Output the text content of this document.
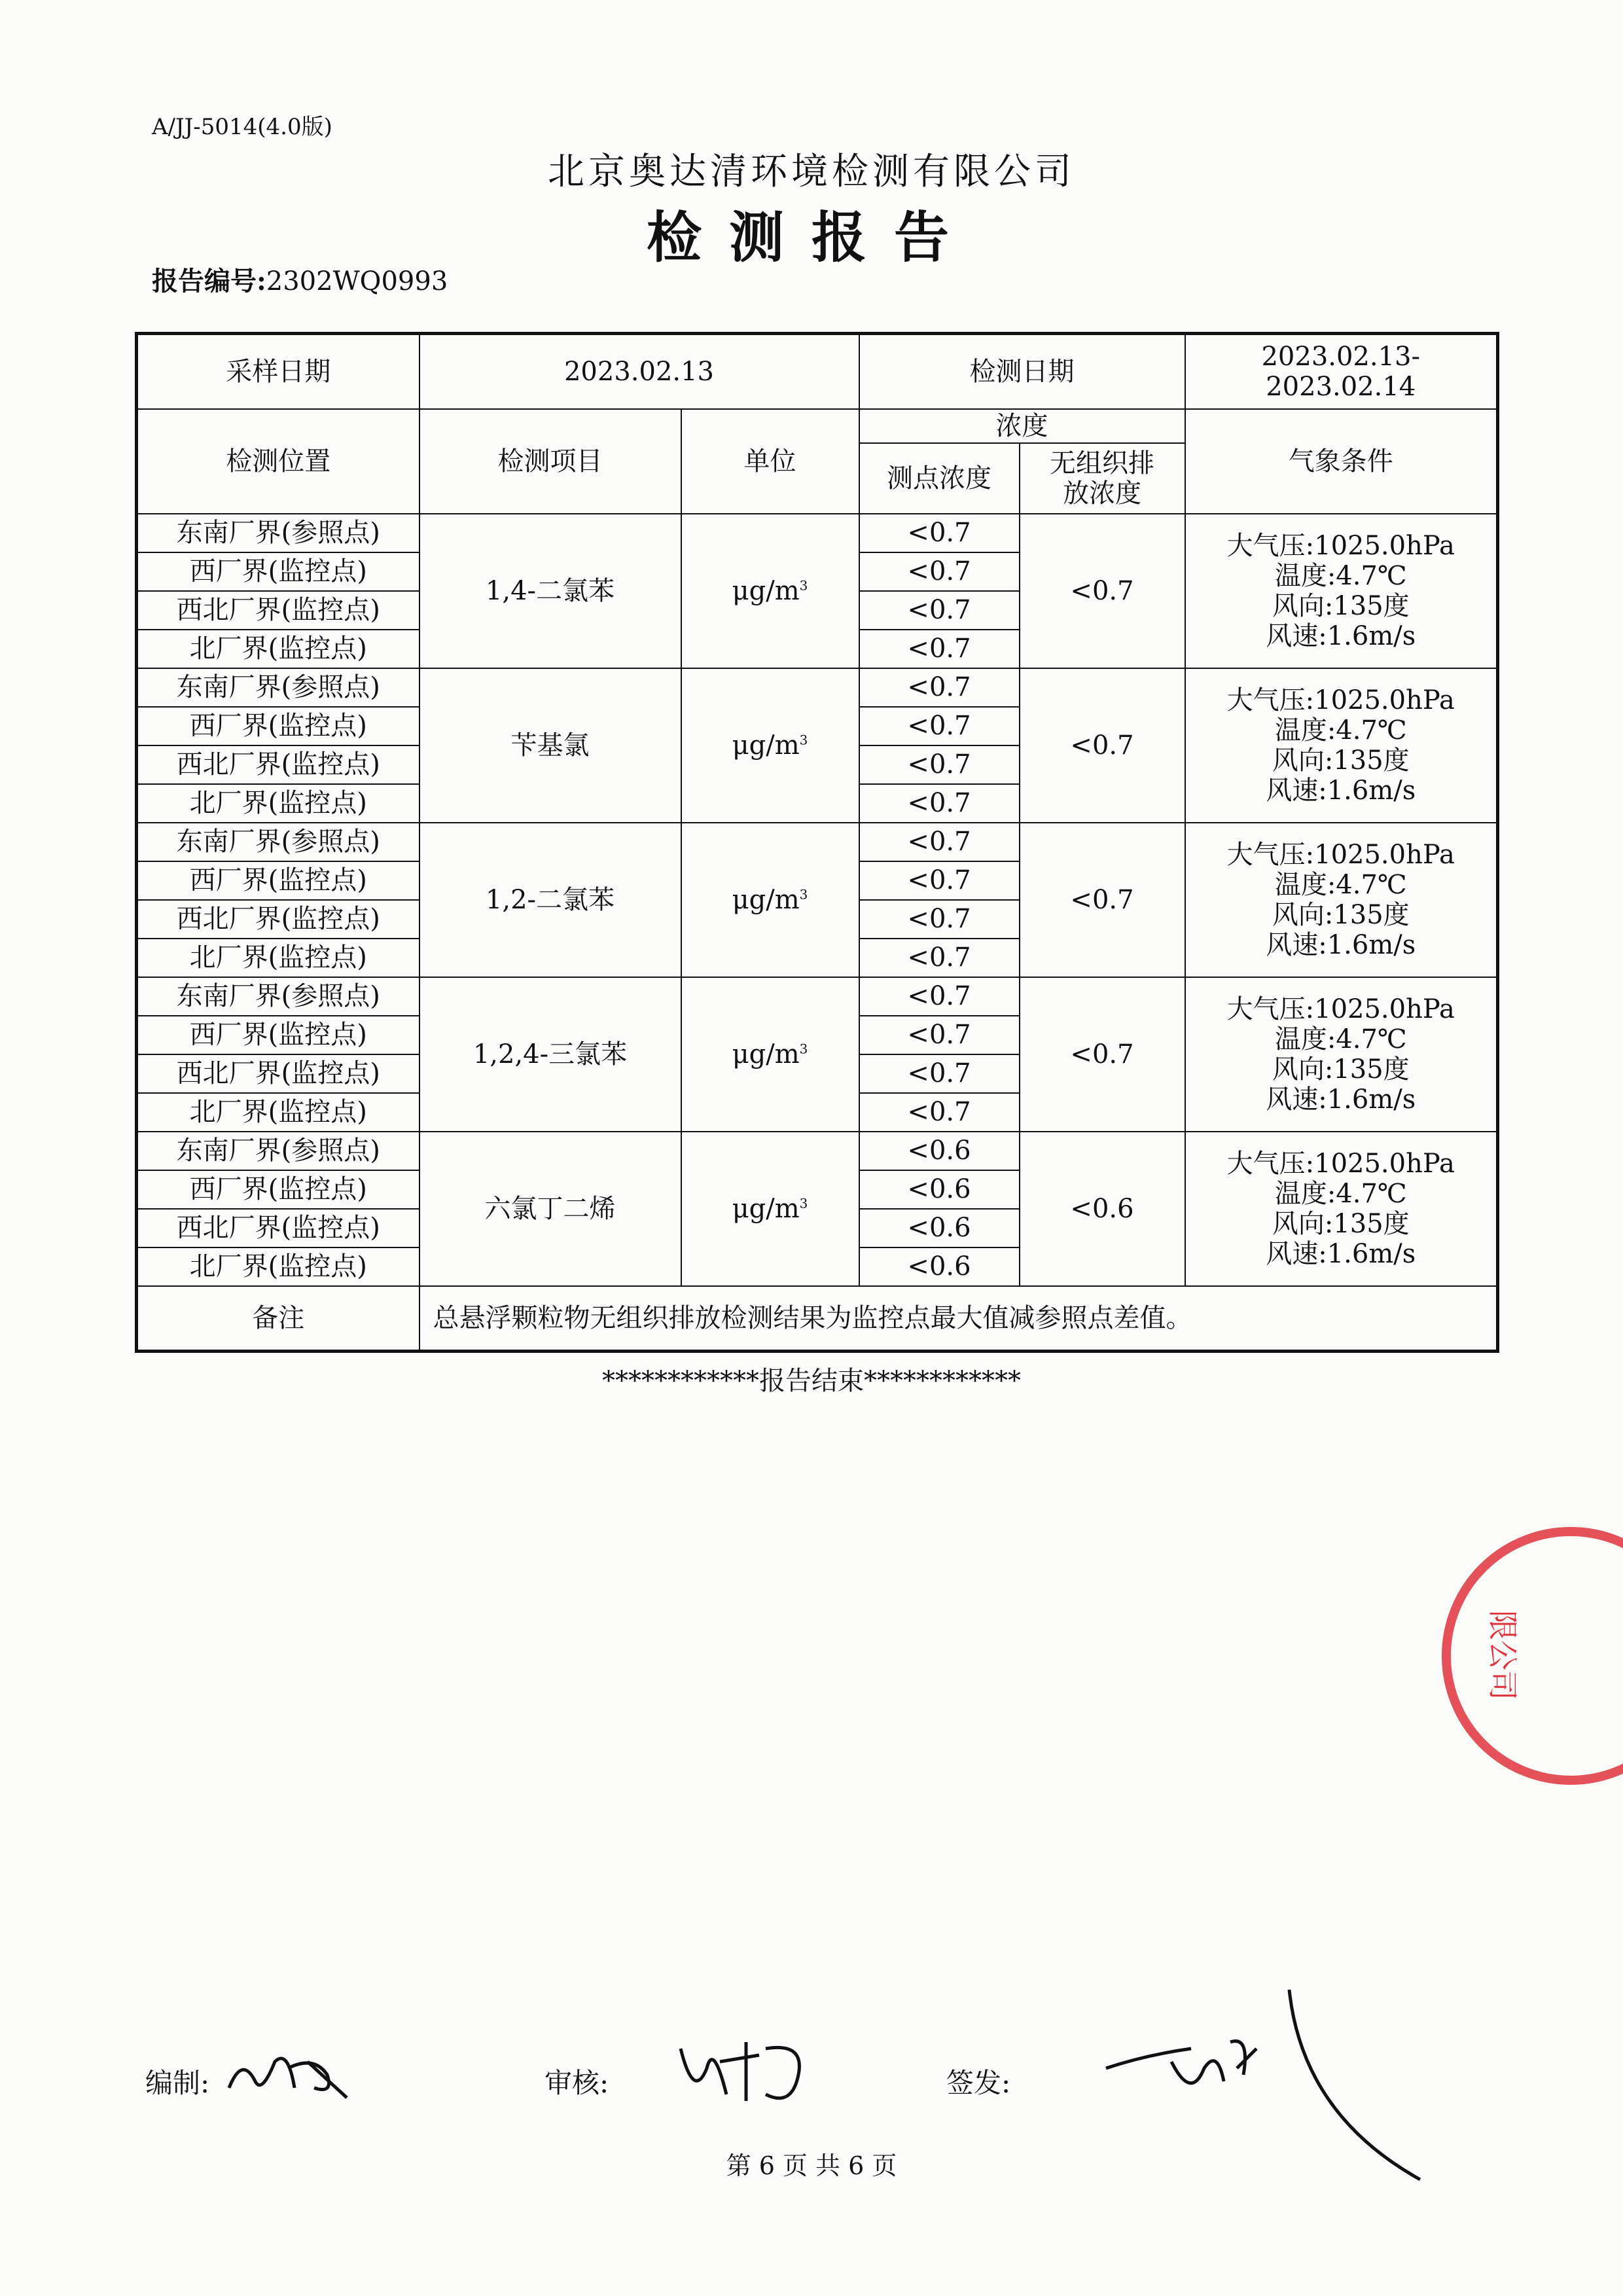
A/JJ-5014(4.0版)
北京奥达清环境检测有限公司
检测报告
报告编号:2302WQ0993
采样日期	2023.02.13		检测日期		2023.02.13-
2023.02.14

检测位置	检测项目	单位	浓度		气象条件
			测点浓度	无组织排
放浓度	

东南厂界(参照点)	1,4-二氯苯	$\mu g/m^3$	<0.7	<0.7	大气压:1025.0hPa
温度:4.7℃
风向:135度
风速:1.6m/s

西厂界(监控点)			<0.7		
西北厂界(监控点)			<0.7		
北厂界(监控点)			<0.7		
东南厂界(参照点)	苄基氯	$\mu g/m^3$	<0.7	<0.7	大气压:1025.0hPa
温度:4.7℃
风向:135度
风速:1.6m/s

西厂界(监控点)			<0.7		
西北厂界(监控点)			<0.7		
北厂界(监控点)			<0.7		
东南厂界(参照点)	1,2-二氯苯	$\mu g/m^3$	<0.7	<0.7	大气压:1025.0hPa
温度:4.7℃
风向:135度
风速:1.6m/s

西厂界(监控点)			<0.7		
西北厂界(监控点)			<0.7		
北厂界(监控点)			<0.7		
东南厂界(参照点)	1,2,4-三氯苯	$\mu g/m^3$	<0.7	<0.7	大气压:1025.0hPa
温度:4.7℃
风向:135度
风速:1.6m/s

西厂界(监控点)			<0.7		
西北厂界(监控点)			<0.7		
北厂界(监控点)			<0.7		
东南厂界(参照点)	六氯丁二烯	$\mu g/m^3$	<0.6	<0.6	大气压:1025.0hPa
温度:4.7℃
风向:135度
风速:1.6m/s

西厂界(监控点)			<0.6		
西北厂界(监控点)			<0.6		
北厂界(监控点)			<0.6		
备注	总悬浮颗粒物无组织排放检测结果为监控点最大值减参照点差值。				
************报告结束************
限公司
编制:	审核:	签发:
第 6 页 共 6 页
